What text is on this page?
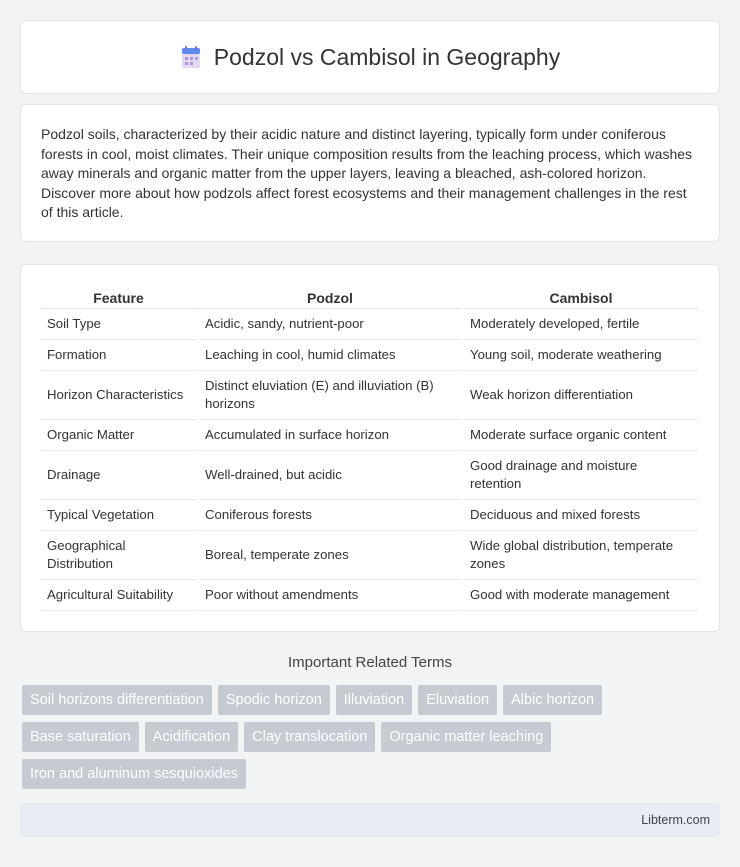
Podzol vs Cambisol in Geography

Podzol soils, characterized by their acidic nature and distinct layering, typically form under coniferous forests in cool, moist climates. Their unique composition results from the leaching process, which washes away minerals and organic matter from the upper layers, leaving a bleached, ash-colored horizon. Discover more about how podzols affect forest ecosystems and their management challenges in the rest of this article.

Feature	Podzol	Cambisol
Soil Type	Acidic, sandy, nutrient-poor	Moderately developed, fertile
Formation	Leaching in cool, humid climates	Young soil, moderate weathering
Horizon Characteristics	Distinct eluviation (E) and illuviation (B) horizons	Weak horizon differentiation
Organic Matter	Accumulated in surface horizon	Moderate surface organic content
Drainage	Well-drained, but acidic	Good drainage and moisture retention
Typical Vegetation	Coniferous forests	Deciduous and mixed forests
Geographical Distribution	Boreal, temperate zones	Wide global distribution, temperate zones
Agricultural Suitability	Poor without amendments	Good with moderate management
Important Related Terms
Soil horizons differentiation	Spodic horizon	Illuviation	Eluviation	Albic horizon
Base saturation	Acidification	Clay translocation	Organic matter leaching
Iron and aluminum sesquioxides
Libterm.com
